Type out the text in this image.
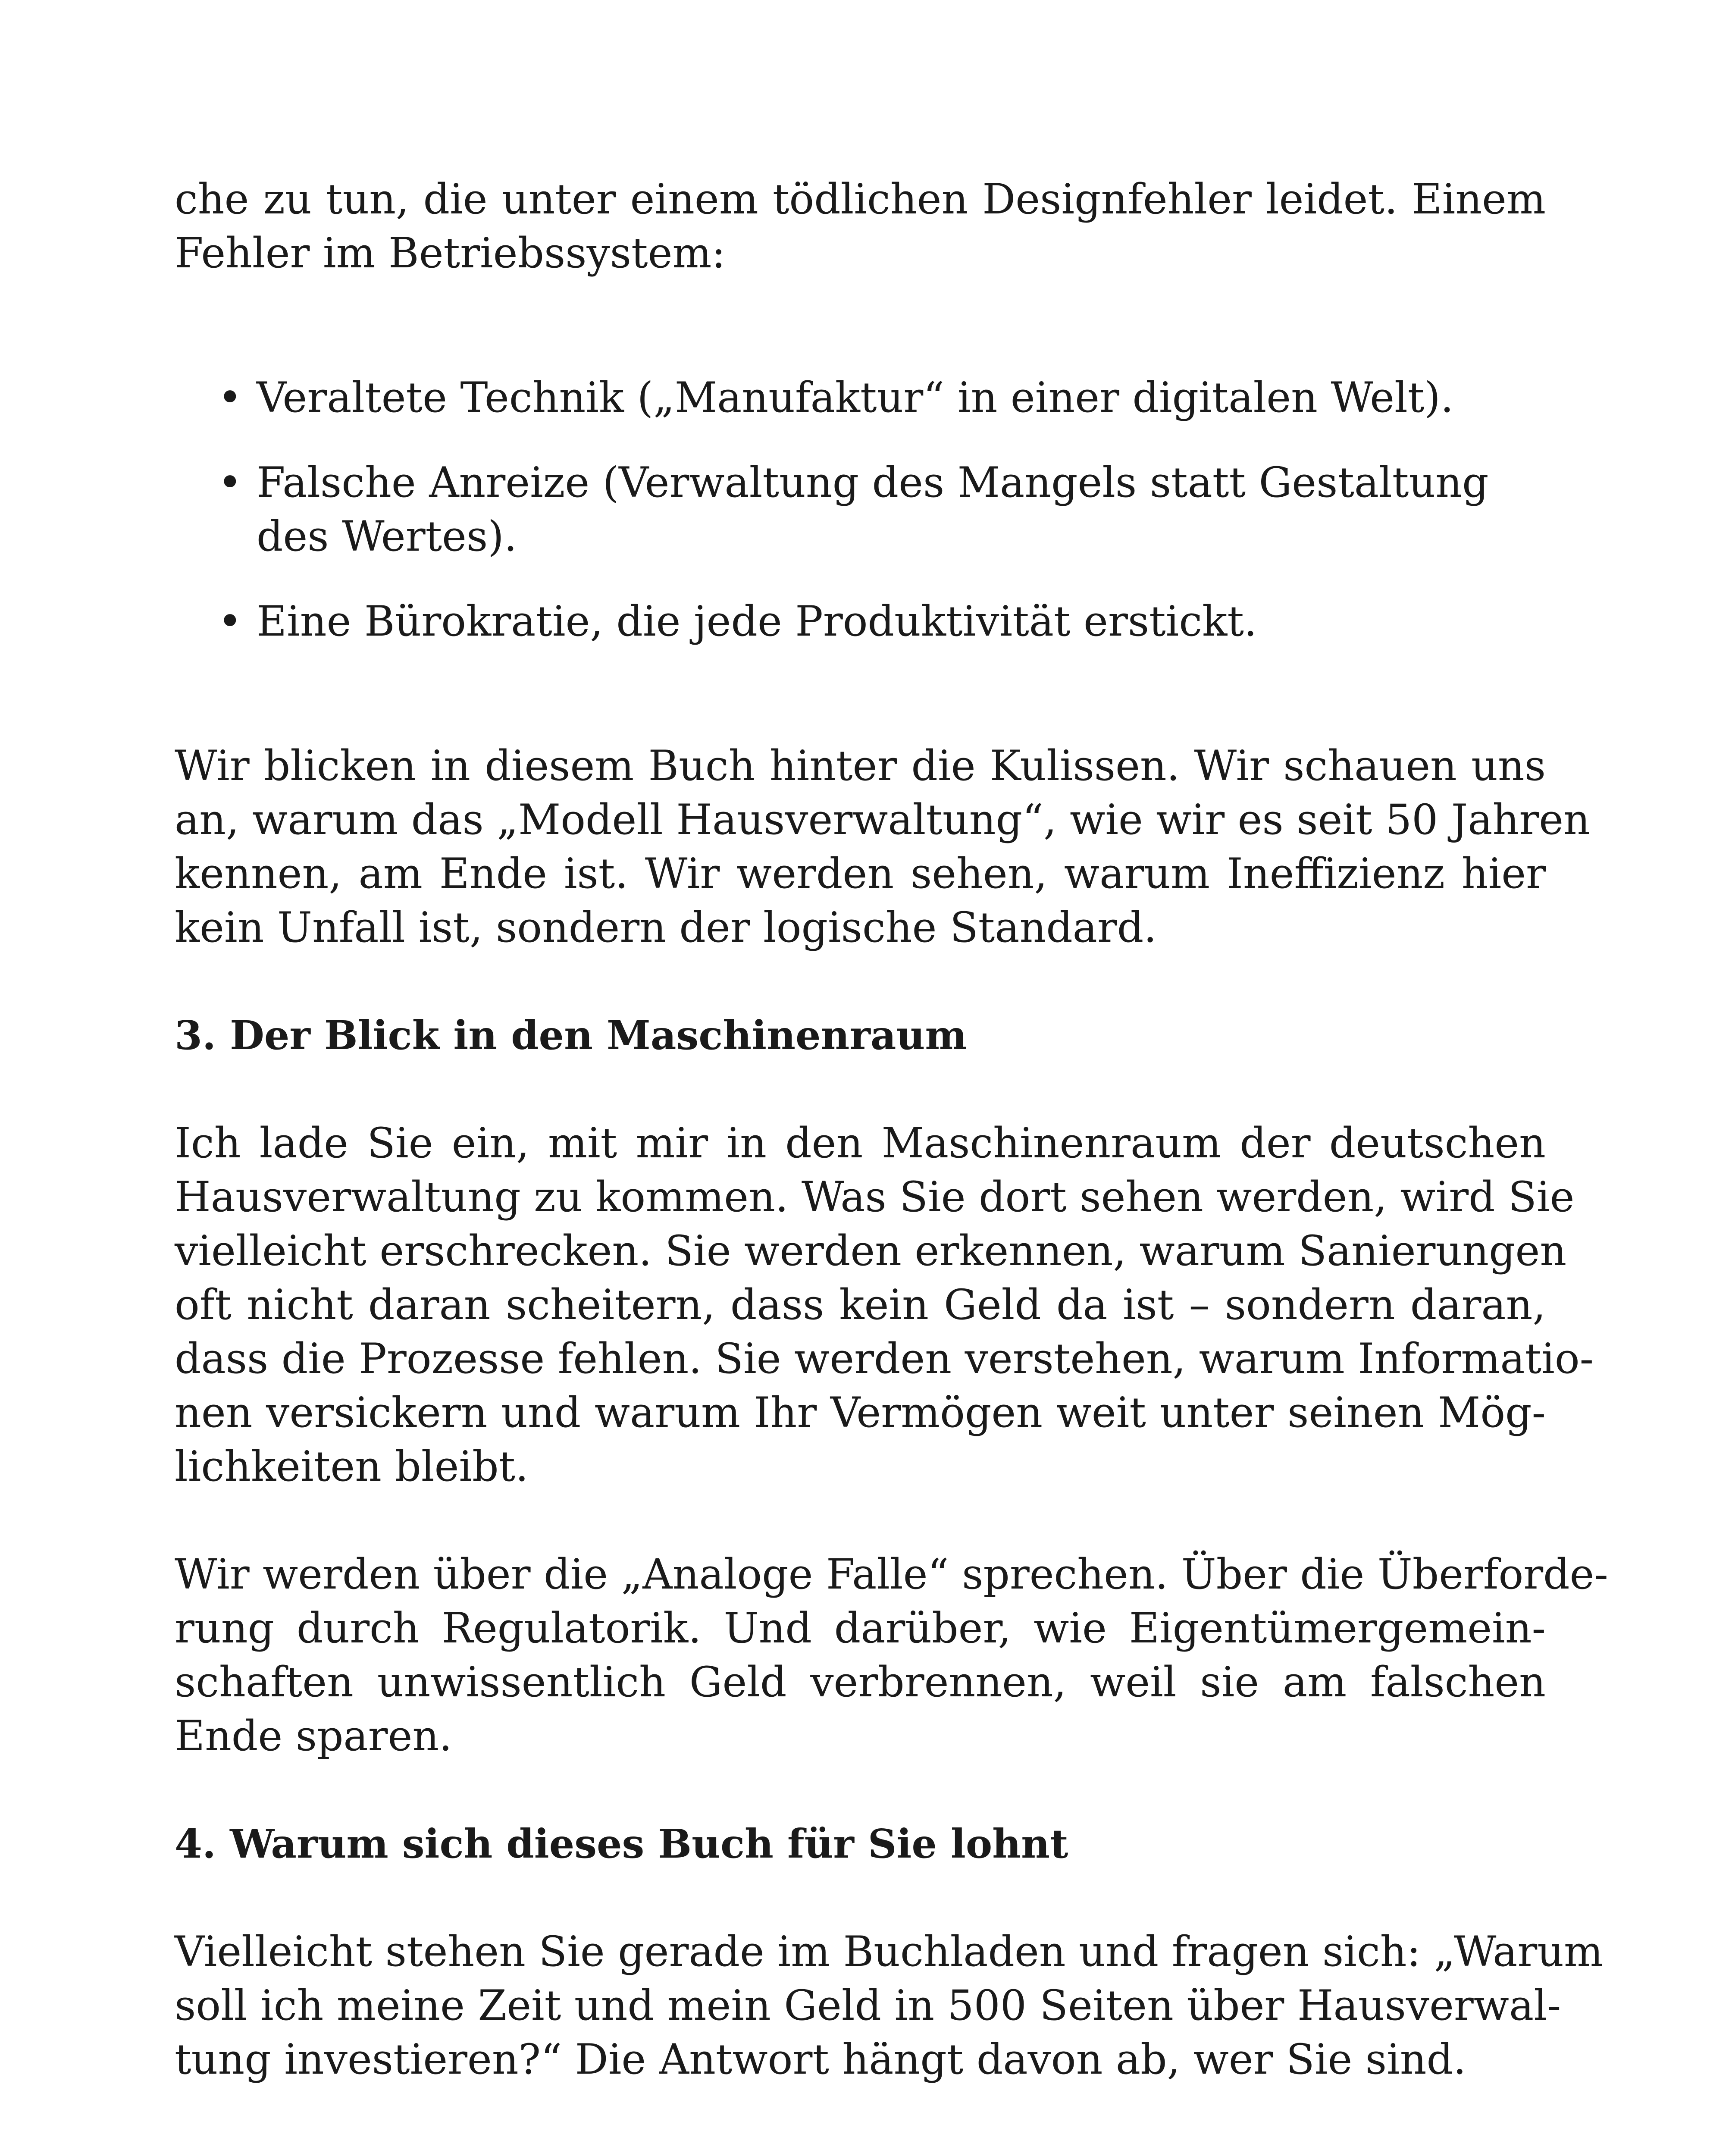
che zu tun, die unter einem tödlichen Designfehler leidet. Einem
Fehler im Betriebssystem:

• Veraltete Technik („Manufaktur“ in einer digitalen Welt).
• Falsche Anreize (Verwaltung des Mangels statt Gestaltung
des Wertes).
• Eine Bürokratie, die jede Produktivität erstickt.

Wir blicken in diesem Buch hinter die Kulissen. Wir schauen uns
an, warum das „Modell Hausverwaltung“, wie wir es seit 50 Jahren
kennen, am Ende ist. Wir werden sehen, warum Ineffizienz hier
kein Unfall ist, sondern der logische Standard.

3. Der Blick in den Maschinenraum

Ich lade Sie ein, mit mir in den Maschinenraum der deutschen
Hausverwaltung zu kommen. Was Sie dort sehen werden, wird Sie
vielleicht erschrecken. Sie werden erkennen, warum Sanierungen
oft nicht daran scheitern, dass kein Geld da ist – sondern daran,
dass die Prozesse fehlen. Sie werden verstehen, warum Informatio-
nen versickern und warum Ihr Vermögen weit unter seinen Mög-
lichkeiten bleibt.

Wir werden über die „Analoge Falle“ sprechen. Über die Überforde-
rung durch Regulatorik. Und darüber, wie Eigentümergemein-
schaften unwissentlich Geld verbrennen, weil sie am falschen
Ende sparen.

4. Warum sich dieses Buch für Sie lohnt

Vielleicht stehen Sie gerade im Buchladen und fragen sich: „Warum
soll ich meine Zeit und mein Geld in 500 Seiten über Hausverwal-
tung investieren?“ Die Antwort hängt davon ab, wer Sie sind.
